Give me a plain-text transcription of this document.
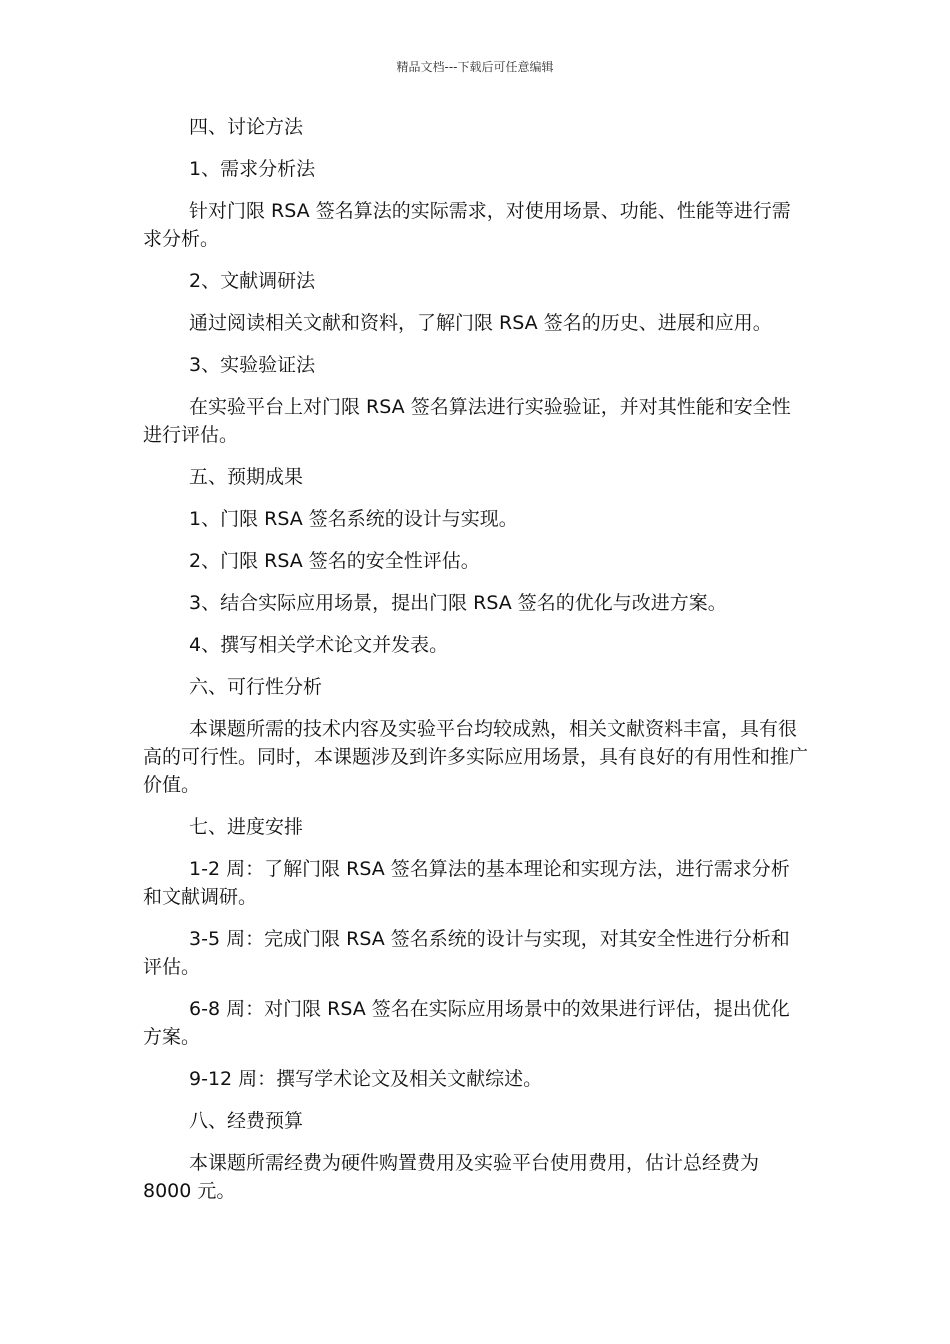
精品文档---下载后可任意编辑

四、讨论方法

1、需求分析法

针对门限 RSA 签名算法的实际需求，对使用场景、功能、性能等进行需求分析。

2、文献调研法

通过阅读相关文献和资料，了解门限 RSA 签名的历史、进展和应用。

3、实验验证法

在实验平台上对门限 RSA 签名算法进行实验验证，并对其性能和安全性进行评估。

五、预期成果

1、门限 RSA 签名系统的设计与实现。

2、门限 RSA 签名的安全性评估。

3、结合实际应用场景，提出门限 RSA 签名的优化与改进方案。

4、撰写相关学术论文并发表。

六、可行性分析

本课题所需的技术内容及实验平台均较成熟，相关文献资料丰富，具有很高的可行性。同时，本课题涉及到许多实际应用场景，具有良好的有用性和推广价值。

七、进度安排

1-2 周：了解门限 RSA 签名算法的基本理论和实现方法，进行需求分析和文献调研。

3-5 周：完成门限 RSA 签名系统的设计与实现，对其安全性进行分析和评估。

6-8 周：对门限 RSA 签名在实际应用场景中的效果进行评估，提出优化方案。

9-12 周：撰写学术论文及相关文献综述。

八、经费预算

本课题所需经费为硬件购置费用及实验平台使用费用，估计总经费为 8000 元。
